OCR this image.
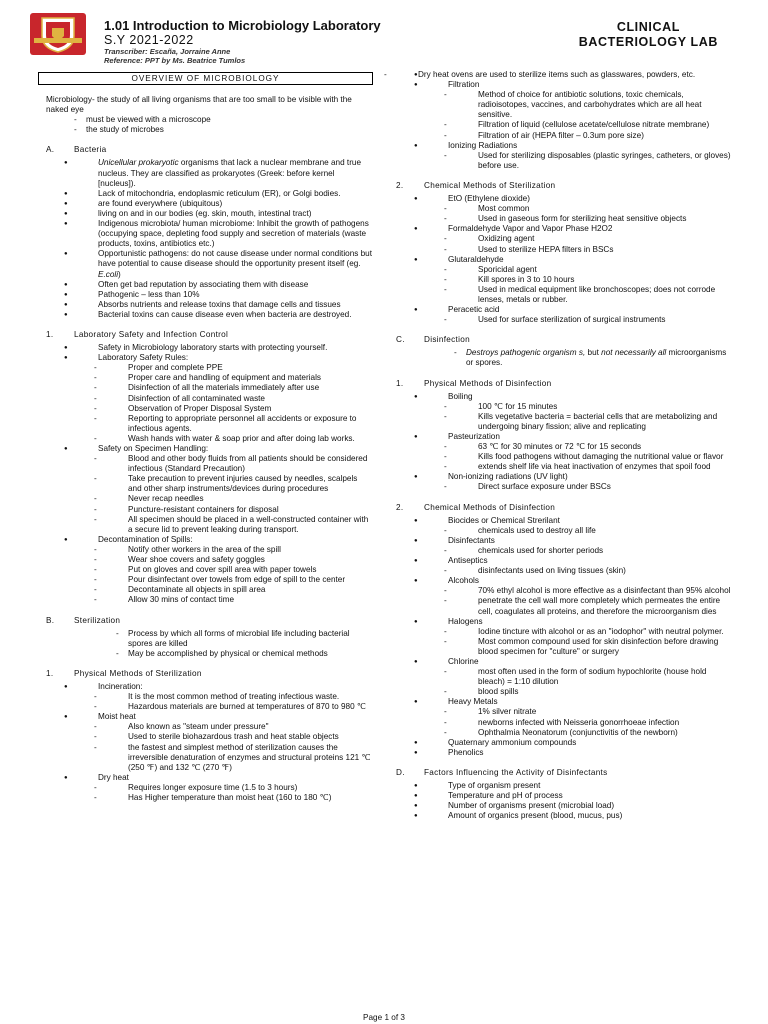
1.01 Introduction to Microbiology Laboratory
S.Y 2021-2022
Transcriber: Escaña, Jorraine Anne
Reference: PPT by Ms. Beatrice Tumlos
CLINICAL
BACTERIOLOGY LAB
OVERVIEW OF MICROBIOLOGY
Microbiology- the study of all living organisms that are too small to be visible with the naked eye
- must be viewed with a microscope
- the study of microbes
A. Bacteria
● Unicellular prokaryotic organisms that lack a nuclear membrane and true nucleus. They are classified as prokaryotes (Greek: before kernel [nucleus]).
● Lack of mitochondria, endoplasmic reticulum (ER), or Golgi bodies.
● are found everywhere (ubiquitous)
● living on and in our bodies (eg. skin, mouth, intestinal tract)
● Indigenous microbiota/ human microbiome: Inhibit the growth of pathogens (occupying space, depleting food supply and secretion of materials (waste products, toxins, antibiotics etc.)
● Opportunistic pathogens: do not cause disease under normal conditions but have potential to cause disease should the opportunity present itself (eg. E.coli)
● Often get bad reputation by associating them with disease
● Pathogenic – less than 10%
● Absorbs nutrients and release toxins that damage cells and tissues
● Bacterial toxins can cause disease even when bacteria are destroyed.
1.	Laboratory Safety and Infection Control
● Safety in Microbiology laboratory starts with protecting yourself.
● Laboratory Safety Rules:
- Proper and complete PPE
- Proper care and handling of equipment and materials
- Disinfection of all the materials immediately after use
- Disinfection of all contaminated waste
- Observation of Proper Disposal System
- Reporting to appropriate personnel all accidents or exposure to infectious agents.
- Wash hands with water & soap prior and after doing lab works.
● Safety on Specimen Handling:
- Blood and other body fluids from all patients should be considered infectious (Standard Precaution)
- Take precaution to prevent injuries caused by needles, scalpels and other sharp instruments/devices during procedures
- Never recap needles
- Puncture-resistant containers for disposal
- All specimen should be placed in a well-constructed container with a secure lid to prevent leaking during transport.
● Decontamination of Spills:
- Notify other workers in the area of the spill
- Wear shoe covers and safety goggles
- Put on gloves and cover spill area with paper towels
- Pour disinfectant over towels from edge of spill to the center
- Decontaminate all objects in spill area
- Allow 30 mins of contact time
B. Sterilization
- Process by which all forms of microbial life including bacterial spores are killed
- May be accomplished by physical or chemical methods
1.	Physical Methods of Sterilization
● Incineration:
- It is the most common method of treating infectious waste.
- Hazardous materials are burned at temperatures of 870 to 980 ℃
● Moist heat
- Also known as "steam under pressure"
- Used to sterile biohazardous trash and heat stable objects
- the fastest and simplest method of sterilization causes the irreversible denaturation of enzymes and structural proteins 121 ℃ (250 ℉) and 132 ℃ (270 ℉)
● Dry heat
- Requires longer exposure time (1.5 to 3 hours)
- Has Higher temperature than moist heat (160 to 180 ℃)
- ● Dry heat ovens are used to sterilize items such as glasswares, powders, etc.
● Filtration
- Method of choice for antibiotic solutions, toxic chemicals, radioisotopes, vaccines, and carbohydrates which are all heat sensitive.
- Filtration of liquid (cellulose acetate/cellulose nitrate membrane)
- Filtration of air (HEPA filter – 0.3um pore size)
● Ionizing Radiations
- Used for sterilizing disposables (plastic syringes, catheters, or gloves) before use.
2.	Chemical Methods of Sterilization
● EtO (Ethylene dioxide)
- Most common
- Used in gaseous form for sterilizing heat sensitive objects
● Formaldehyde Vapor and Vapor Phase H2O2
- Oxidizing agent
- Used to sterilize HEPA filters in BSCs
● Glutaraldehyde
- Sporicidal agent
- Kill spores in 3 to 10 hours
- Used in medical equipment like bronchoscopes; does not corrode lenses, metals or rubber.
● Peracetic acid
- Used for surface sterilization of surgical instruments
C. Disinfection
- Destroys pathogenic organism s, but not necessarily all microorganisms or spores.
1.	Physical Methods of Disinfection
● Boiling
- 100 ℃ for 15 minutes
- Kills vegetative bacteria = bacterial cells that are metabolizing and undergoing binary fission; alive and replicating
● Pasteurization
- 63 ℃ for 30 minutes or 72 ℃ for 15 seconds
- Kills food pathogens without damaging the nutritional value or flavor
- extends shelf life via heat inactivation of enzymes that spoil food
● Non-ionizing radiations (UV light)
- Direct surface exposure under BSCs
2.	Chemical Methods of Disinfection
● Biocides or Chemical Strerilant
- chemicals used to destroy all life
● Disinfectants
- chemicals used for shorter periods
● Antiseptics
- disinfectants used on living tissues (skin)
● Alcohols
- 70% ethyl alcohol is more effective as a disinfectant than 95% alcohol
- penetrate the cell wall more completely which permeates the entire cell, coagulates all proteins, and therefore the microorganism dies
● Halogens
- Iodine tincture with alcohol or as an "iodophor" with neutral polymer.
- Most common compound used for skin disinfection before drawing blood specimen for "culture" or surgery
● Chlorine
- most often used in the form of sodium hypochlorite (house hold bleach) = 1:10 dilution
- blood spills
● Heavy Metals
- 1% silver nitrate
- newborns infected with Neisseria gonorrhoeae infection
- Ophthalmia Neonatorum (conjunctivitis of the newborn)
● Quaternary ammonium compounds
● Phenolics
D. Factors Influencing the Activity of Disinfectants
● Type of organism present
● Temperature and pH of process
● Number of organisms present (microbial load)
● Amount of organics present (blood, mucus, pus)
Page 1 of 3
